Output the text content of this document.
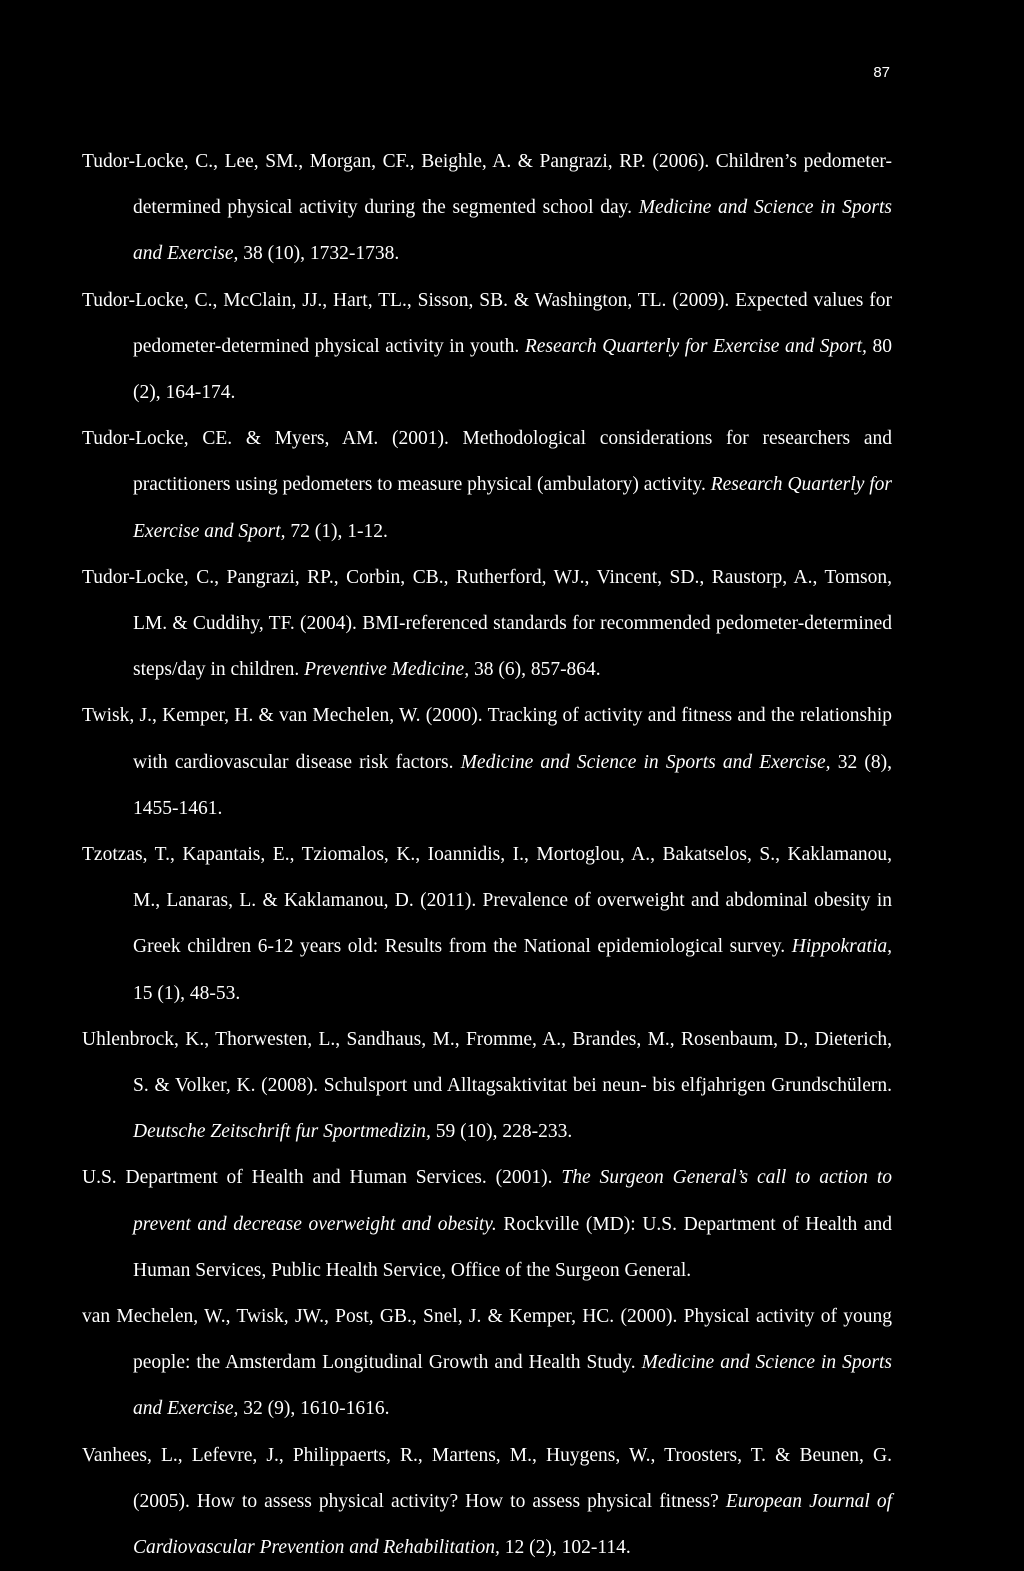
87

Tudor-Locke, C., Lee, SM., Morgan, CF., Beighle, A. & Pangrazi, RP. (2006). Children’s pedometer-determined physical activity during the segmented school day. Medicine and Science in Sports and Exercise, 38 (10), 1732-1738.

Tudor-Locke, C., McClain, JJ., Hart, TL., Sisson, SB. & Washington, TL. (2009). Expected values for pedometer-determined physical activity in youth. Research Quarterly for Exercise and Sport, 80 (2), 164-174.

Tudor-Locke, CE. & Myers, AM. (2001). Methodological considerations for researchers and practitioners using pedometers to measure physical (ambulatory) activity. Research Quarterly for Exercise and Sport, 72 (1), 1-12.

Tudor-Locke, C., Pangrazi, RP., Corbin, CB., Rutherford, WJ., Vincent, SD., Raustorp, A., Tomson, LM. & Cuddihy, TF. (2004). BMI-referenced standards for recommended pedometer-determined steps/day in children. Preventive Medicine, 38 (6), 857-864.

Twisk, J., Kemper, H. & van Mechelen, W. (2000). Tracking of activity and fitness and the relationship with cardiovascular disease risk factors. Medicine and Science in Sports and Exercise, 32 (8), 1455-1461.

Tzotzas, T., Kapantais, E., Tziomalos, K., Ioannidis, I., Mortoglou, A., Bakatselos, S., Kaklamanou, M., Lanaras, L. & Kaklamanou, D. (2011). Prevalence of overweight and abdominal obesity in Greek children 6-12 years old: Results from the National epidemiological survey. Hippokratia, 15 (1), 48-53.

Uhlenbrock, K., Thorwesten, L., Sandhaus, M., Fromme, A., Brandes, M., Rosenbaum, D., Dieterich, S. & Volker, K. (2008). Schulsport und Alltagsaktivitat bei neun- bis elfjahrigen Grundschülern. Deutsche Zeitschrift fur Sportmedizin, 59 (10), 228-233.

U.S. Department of Health and Human Services. (2001). The Surgeon General’s call to action to prevent and decrease overweight and obesity. Rockville (MD): U.S. Department of Health and Human Services, Public Health Service, Office of the Surgeon General.

van Mechelen, W., Twisk, JW., Post, GB., Snel, J. & Kemper, HC. (2000). Physical activity of young people: the Amsterdam Longitudinal Growth and Health Study. Medicine and Science in Sports and Exercise, 32 (9), 1610-1616.

Vanhees, L., Lefevre, J., Philippaerts, R., Martens, M., Huygens, W., Troosters, T. & Beunen, G. (2005). How to assess physical activity? How to assess physical fitness? European Journal of Cardiovascular Prevention and Rehabilitation, 12 (2), 102-114.
